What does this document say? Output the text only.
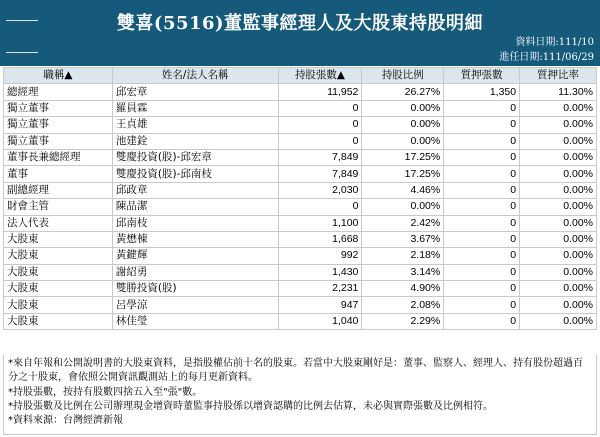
雙喜(5516)董監事經理人及大股東持股明細
資料日期:111/10
進任日期:111/06/29
職稱▲	姓名/法人名稱	持股張數▲	持股比例	質押張數	質押比率
總經理	邱宏章	11,952	26.27%	1,350	11.30%
獨立董事	羅員霖	0	0.00%	0	0.00%
獨立董事	王貞雄	0	0.00%	0	0.00%
獨立董事	池建銓	0	0.00%	0	0.00%
董事長兼總經理	雙慶投資(股)-邱宏章	7,849	17.25%	0	0.00%
董事	雙慶投資(股)-邱南枝	7,849	17.25%	0	0.00%
副總經理	邱政章	2,030	4.46%	0	0.00%
財會主管	陳品潔	0	0.00%	0	0.00%
法人代表	邱南枝	1,100	2.42%	0	0.00%
大股東	黃懋棟	1,668	3.67%	0	0.00%
大股東	黃鍵輝	992	2.18%	0	0.00%
大股東	謝紹勇	1,430	3.14%	0	0.00%
大股東	雙勝投資(股)	2,231	4.90%	0	0.00%
大股東	呂學涼	947	2.08%	0	0.00%
大股東	林佳瑩	1,040	2.29%	0	0.00%
*來自年報和公開說明書的大股東資料，是指股權佔前十名的股東。若當中大股東剛好是：董事、監察人、經理人、持有股份超過百分之十股東，會依照公開資訊觀測站上的每月更新資料。
*持股張數，按持有股數四捨五入至"張"數。
*持股張數及比例在公司辦理現金增資時董監事持股係以增資認購的比例去估算，未必與實際張數及比例相符。
*資料來源：台灣經濟新報
